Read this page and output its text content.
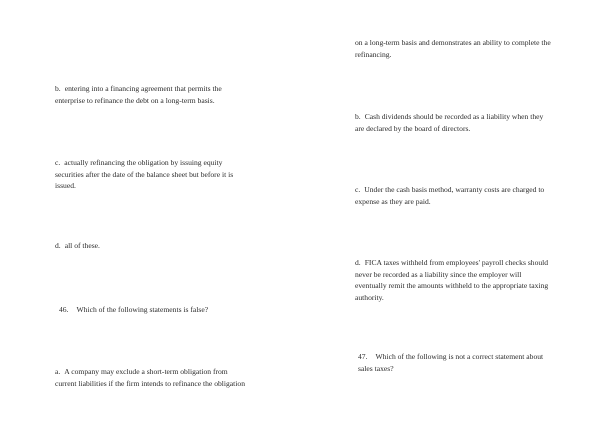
b. entering into a financing agreement that permits the
enterprise to refinance the debt on a long-term basis.
c. actually refinancing the obligation by issuing equity
securities after the date of the balance sheet but before it is
issued.
d. all of these.
46. Which of the following statements is false?
a. A company may exclude a short-term obligation from
current liabilities if the firm intends to refinance the obligation
on a long-term basis and demonstrates an ability to complete the
refinancing.
b. Cash dividends should be recorded as a liability when they
are declared by the board of directors.
c. Under the cash basis method, warranty costs are charged to
expense as they are paid.
d. FICA taxes withheld from employees' payroll checks should
never be recorded as a liability since the employer will
eventually remit the amounts withheld to the appropriate taxing
authority.
47. Which of the following is not a correct statement about
sales taxes?
